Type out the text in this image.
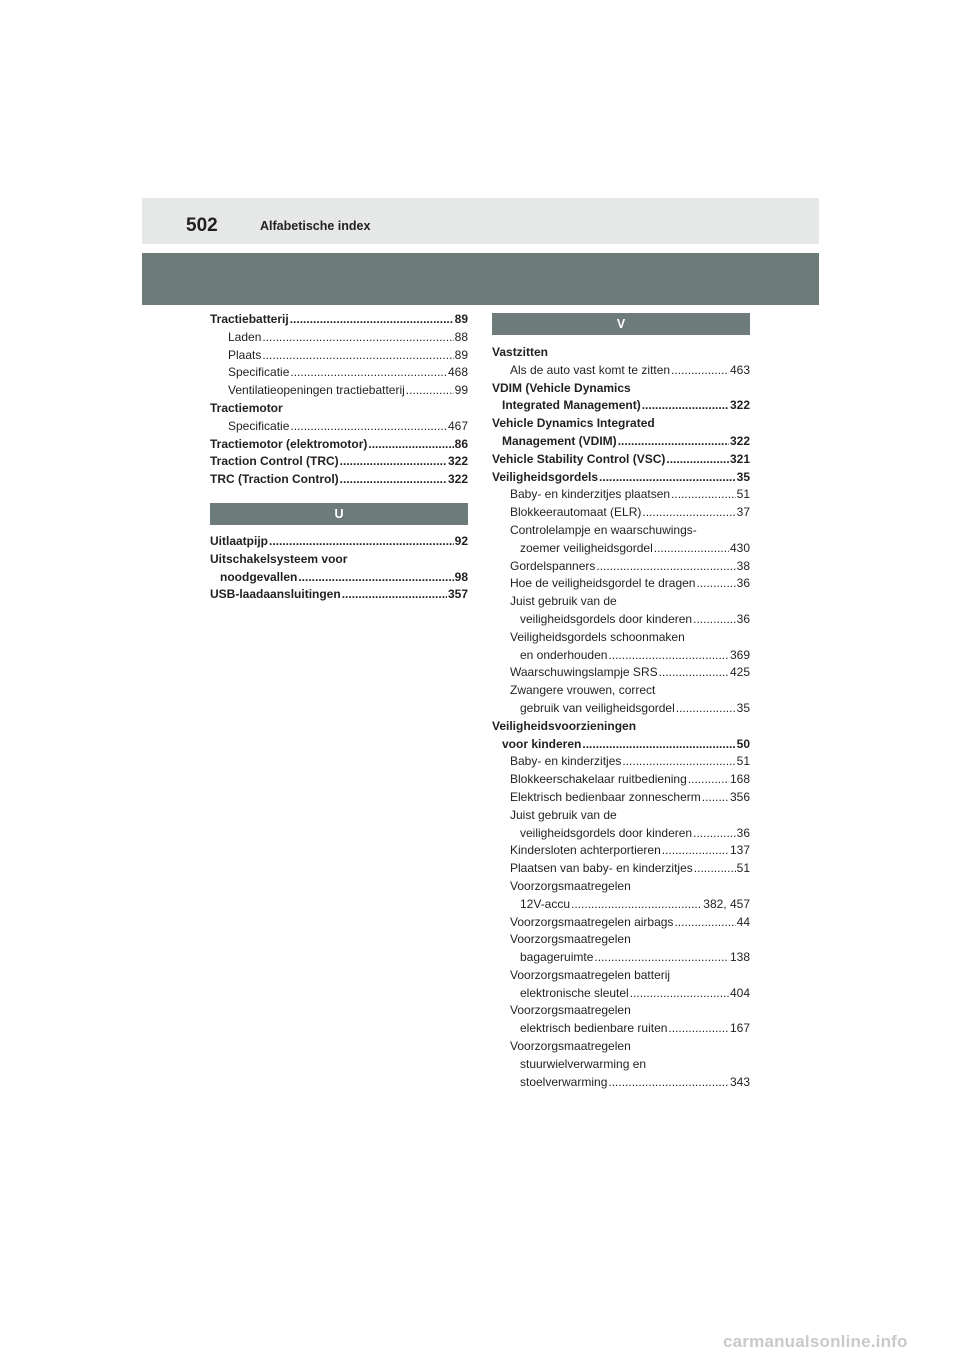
502	Alfabetische index
Tractiebatterij .....	89
Laden .....	88
Plaats .....	89
Specificatie .....	468
Ventilatieopeningen tractiebatterij .....	99
Tractiemotor
Specificatie .....	467
Tractiemotor (elektromotor) .....	86
Traction Control (TRC) .....	322
TRC (Traction Control) .....	322
U
Uitlaatpijp .....	92
Uitschakelsysteem voor
noodgevallen .....	98
USB-laadaansluitingen .....	357
V
Vastzitten
Als de auto vast komt te zitten .....	463
VDIM (Vehicle Dynamics
Integrated Management) .....	322
Vehicle Dynamics Integrated
Management (VDIM) .....	322
Vehicle Stability Control (VSC) .....	321
Veiligheidsgordels .....	35
Baby- en kinderzitjes plaatsen .....	51
Blokkeerautomaat (ELR) .....	37
Controlelampje en waarschuwings-
zoemer veiligheidsgordel .....	430
Gordelspanners .....	38
Hoe de veiligheidsgordel te dragen .....	36
Juist gebruik van de
veiligheidsgordels door kinderen .....	36
Veiligheidsgordels schoonmaken
en onderhouden .....	369
Waarschuwingslampje SRS .....	425
Zwangere vrouwen, correct
gebruik van veiligheidsgordel .....	35
Veiligheidsvoorzieningen
voor kinderen .....	50
Baby- en kinderzitjes .....	51
Blokkeerschakelaar ruitbediening .....	168
Elektrisch bedienbaar zonnescherm ..... 356
Juist gebruik van de
veiligheidsgordels door kinderen .....	36
Kindersloten achterportieren .....	137
Plaatsen van baby- en kinderzitjes .....	51
Voorzorgsmaatregelen
12V-accu .....	382, 457
Voorzorgsmaatregelen airbags .....	44
Voorzorgsmaatregelen
bagageruimte .....	138
Voorzorgsmaatregelen batterij
elektronische sleutel .....	404
Voorzorgsmaatregelen
elektrisch bedienbare ruiten .....	167
Voorzorgsmaatregelen
stuurwielverwarming en
stoelverwarming .....	343
carmanualsonline.info
